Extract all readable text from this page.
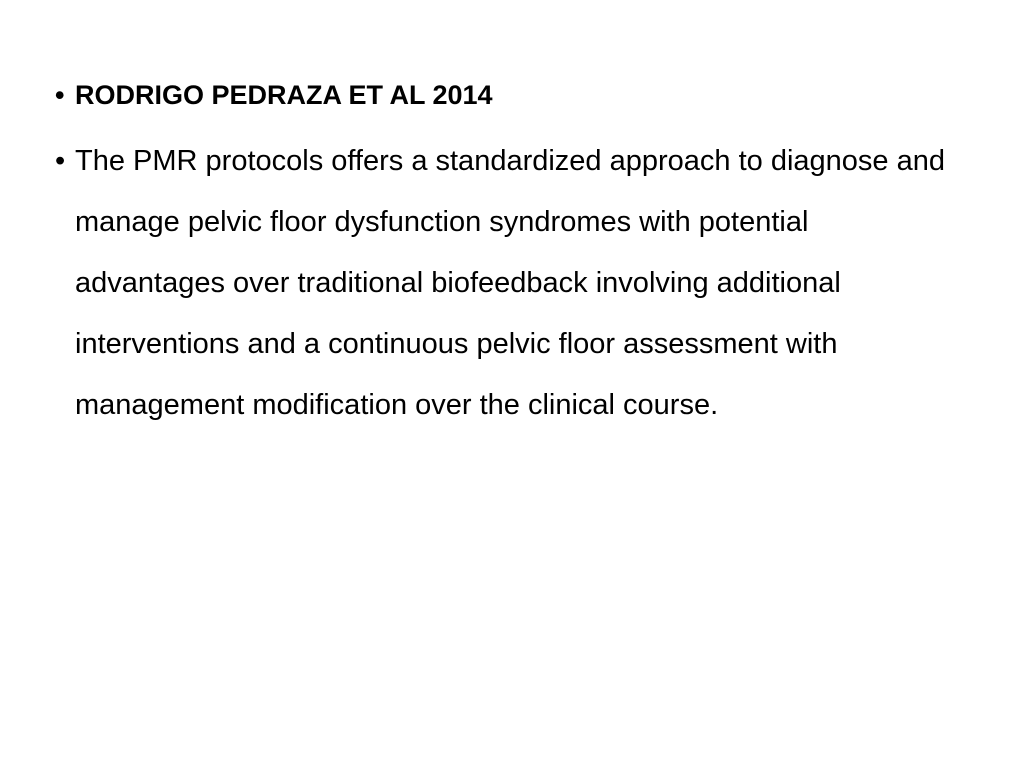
• RODRIGO PEDRAZA ET AL 2014
• The PMR protocols offers a standardized approach to diagnose and manage pelvic floor dysfunction syndromes with potential advantages over traditional biofeedback involving additional interventions and a continuous pelvic floor assessment with management modification over the clinical course.
